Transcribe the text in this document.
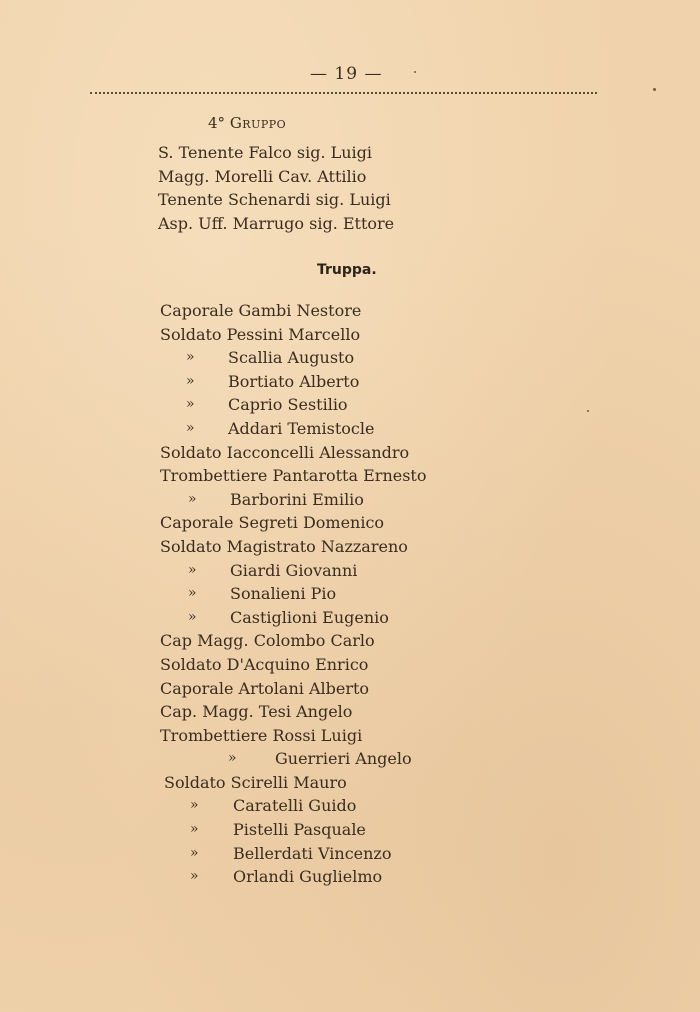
— 19 —
4° Gruppo
S. Tenente Falco sig. Luigi
Magg. Morelli Cav. Attilio
Tenente Schenardi sig. Luigi
Asp. Uff. Marrugo sig. Ettore
Truppa.
Caporale Gambi Nestore
Soldato Pessini Marcello
» Scallia Augusto
» Bortiato Alberto
» Caprio Sestilio
» Addari Temistocle
Soldato Iacconcelli Alessandro
Trombettiere Pantarotta Ernesto
» Barborini Emilio
Caporale Segreti Domenico
Soldato Magistrato Nazzareno
» Giardi Giovanni
» Sonalieni Pio
» Castiglioni Eugenio
Cap Magg. Colombo Carlo
Soldato D'Acquino Enrico
Caporale Artolani Alberto
Cap. Magg. Tesi Angelo
Trombettiere Rossi Luigi
» Guerrieri Angelo
Soldato Scirelli Mauro
» Caratelli Guido
» Pistelli Pasquale
» Bellerdati Vincenzo
» Orlandi Guglielmo
